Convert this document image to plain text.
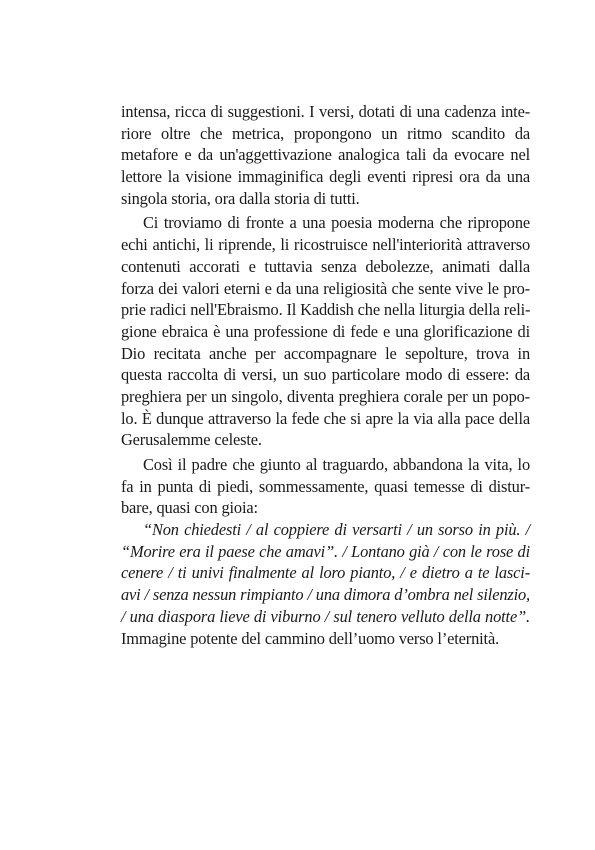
intensa, ricca di suggestioni. I versi, dotati di una cadenza inte-
riore oltre che metrica, propongono un ritmo scandito da
metafore e da un'aggettivazione analogica tali da evocare nel
lettore la visione immaginifica degli eventi ripresi ora da una
singola storia, ora dalla storia di tutti.
Ci troviamo di fronte a una poesia moderna che ripropone
echi antichi, li riprende, li ricostruisce nell'interiorità attraverso
contenuti accorati e tuttavia senza debolezze, animati dalla
forza dei valori eterni e da una religiosità che sente vive le pro-
prie radici nell'Ebraismo. Il Kaddish che nella liturgia della reli-
gione ebraica è una professione di fede e una glorificazione di
Dio recitata anche per accompagnare le sepolture, trova in
questa raccolta di versi, un suo particolare modo di essere: da
preghiera per un singolo, diventa preghiera corale per un popo-
lo. È dunque attraverso la fede che si apre la via alla pace della
Gerusalemme celeste.
Così il padre che giunto al traguardo, abbandona la vita, lo
fa in punta di piedi, sommessamente, quasi temesse di distur-
bare, quasi con gioia:
“Non chiedesti / al coppiere di versarti / un sorso in più. /
“Morire era il paese che amavi”. / Lontano già / con le rose di
cenere / ti univi finalmente al loro pianto, / e dietro a te lasci-
avi / senza nessun rimpianto / una dimora d’ombra nel silenzio,
/ una diaspora lieve di viburno / sul tenero velluto della notte”.
Immagine potente del cammino dell’uomo verso l’eternità.
